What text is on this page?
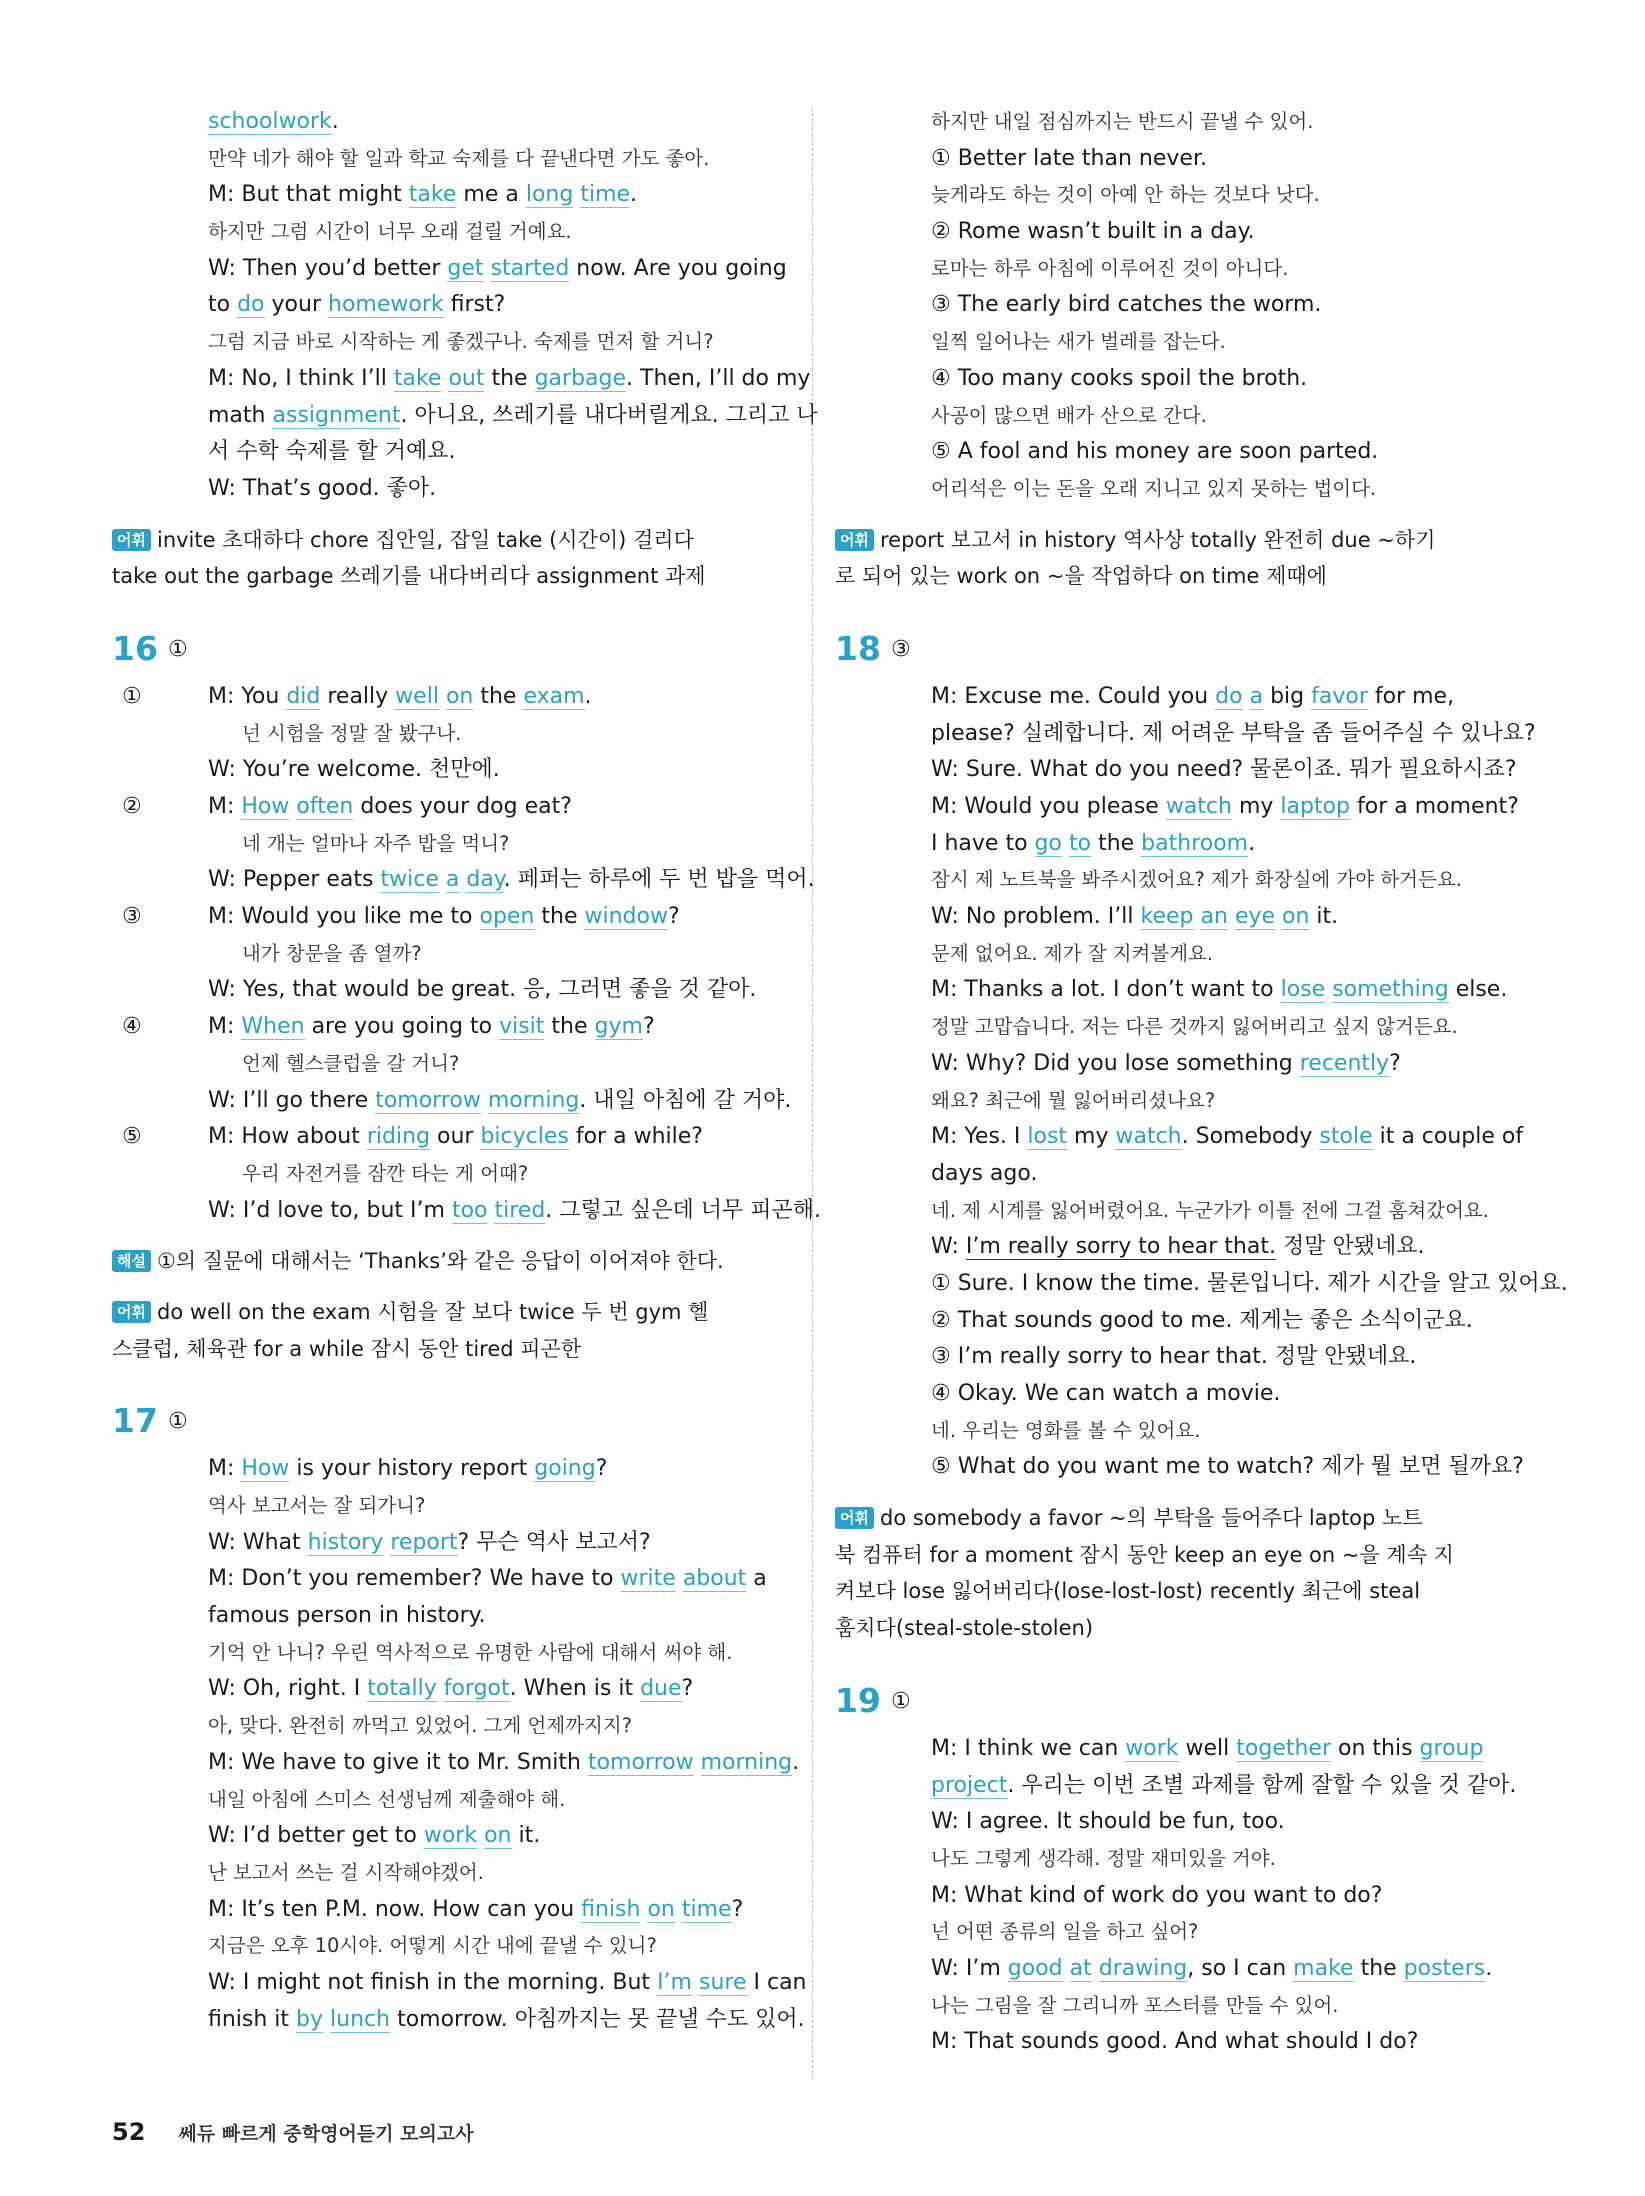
schoolwork.
만약 네가 해야 할 일과 학교 숙제를 다 끝낸다면 가도 좋아.
M: But that might take me a long time.
하지만 그럼 시간이 너무 오래 걸릴 거예요.
W: Then you’d better get started now. Are you going
to do your homework first?
그럼 지금 바로 시작하는 게 좋겠구나. 숙제를 먼저 할 거니?
M: No, I think I’ll take out the garbage. Then, I’ll do my
math assignment. 아니요, 쓰레기를 내다버릴게요. 그리고 나
서 수학 숙제를 할 거예요.
W: That’s good. 좋아.
어휘 invite 초대하다 chore 집안일, 잡일 take (시간이) 걸리다
take out the garbage 쓰레기를 내다버리다 assignment 과제
16 ①
①	M: You did really well on the exam.
넌 시험을 정말 잘 봤구나.
W: You’re welcome. 천만에.
②	M: How often does your dog eat?
네 개는 얼마나 자주 밥을 먹니?
W: Pepper eats twice a day. 페퍼는 하루에 두 번 밥을 먹어.
③	M: Would you like me to open the window?
내가 창문을 좀 열까?
W: Yes, that would be great. 응, 그러면 좋을 것 같아.
④	M: When are you going to visit the gym?
언제 헬스클럽을 갈 거니?
W: I’ll go there tomorrow morning. 내일 아침에 갈 거야.
⑤	M: How about riding our bicycles for a while?
우리 자전거를 잠깐 타는 게 어때?
W: I’d love to, but I’m too tired. 그렇고 싶은데 너무 피곤해.
해설 ①의 질문에 대해서는 ‘Thanks’와 같은 응답이 이어져야 한다.
어휘 do well on the exam 시험을 잘 보다 twice 두 번 gym 헬
스클럽, 체육관 for a while 잠시 동안 tired 피곤한
17 ①
M: How is your history report going?
역사 보고서는 잘 되가니?
W: What history report? 무슨 역사 보고서?
M: Don’t you remember? We have to write about a
famous person in history.
기억 안 나니? 우린 역사적으로 유명한 사람에 대해서 써야 해.
W: Oh, right. I totally forgot. When is it due?
아, 맞다. 완전히 까먹고 있었어. 그게 언제까지지?
M: We have to give it to Mr. Smith tomorrow morning.
내일 아침에 스미스 선생님께 제출해야 해.
W: I’d better get to work on it.
난 보고서 쓰는 걸 시작해야겠어.
M: It’s ten P.M. now. How can you finish on time?
지금은 오후 10시야. 어떻게 시간 내에 끝낼 수 있니?
W: I might not finish in the morning. But I’m sure I can
finish it by lunch tomorrow. 아침까지는 못 끝낼 수도 있어.
하지만 내일 점심까지는 반드시 끝낼 수 있어.
① Better late than never.
늦게라도 하는 것이 아예 안 하는 것보다 낫다.
② Rome wasn’t built in a day.
로마는 하루 아침에 이루어진 것이 아니다.
③ The early bird catches the worm.
일찍 일어나는 새가 벌레를 잡는다.
④ Too many cooks spoil the broth.
사공이 많으면 배가 산으로 간다.
⑤ A fool and his money are soon parted.
어리석은 이는 돈을 오래 지니고 있지 못하는 법이다.
어휘 report 보고서 in history 역사상 totally 완전히 due ~하기
로 되어 있는 work on ~을 작업하다 on time 제때에
18 ③
M: Excuse me. Could you do a big favor for me,
please? 실례합니다. 제 어려운 부탁을 좀 들어주실 수 있나요?
W: Sure. What do you need? 물론이죠. 뭐가 필요하시죠?
M: Would you please watch my laptop for a moment?
I have to go to the bathroom.
잠시 제 노트북을 봐주시겠어요? 제가 화장실에 가야 하거든요.
W: No problem. I’ll keep an eye on it.
문제 없어요. 제가 잘 지켜볼게요.
M: Thanks a lot. I don’t want to lose something else.
정말 고맙습니다. 저는 다른 것까지 잃어버리고 싶지 않거든요.
W: Why? Did you lose something recently?
왜요? 최근에 뭘 잃어버리셨나요?
M: Yes. I lost my watch. Somebody stole it a couple of
days ago.
네. 제 시계를 잃어버렸어요. 누군가가 이틀 전에 그걸 훔쳐갔어요.
W: I’m really sorry to hear that. 정말 안됐네요.
① Sure. I know the time. 물론입니다. 제가 시간을 알고 있어요.
② That sounds good to me. 제게는 좋은 소식이군요.
③ I’m really sorry to hear that. 정말 안됐네요.
④ Okay. We can watch a movie.
네. 우리는 영화를 볼 수 있어요.
⑤ What do you want me to watch? 제가 뭘 보면 될까요?
어휘 do somebody a favor ~의 부탁을 들어주다 laptop 노트
북 컴퓨터 for a moment 잠시 동안 keep an eye on ~을 계속 지
켜보다 lose 잃어버리다(lose-lost-lost) recently 최근에 steal
훔치다(steal-stole-stolen)
19 ①
M: I think we can work well together on this group
project. 우리는 이번 조별 과제를 함께 잘할 수 있을 것 같아.
W: I agree. It should be fun, too.
나도 그렇게 생각해. 정말 재미있을 거야.
M: What kind of work do you want to do?
넌 어떤 종류의 일을 하고 싶어?
W: I’m good at drawing, so I can make the posters.
나는 그림을 잘 그리니까 포스터를 만들 수 있어.
M: That sounds good. And what should I do?
52 쎄듀 빠르게 중학영어듣기 모의고사
